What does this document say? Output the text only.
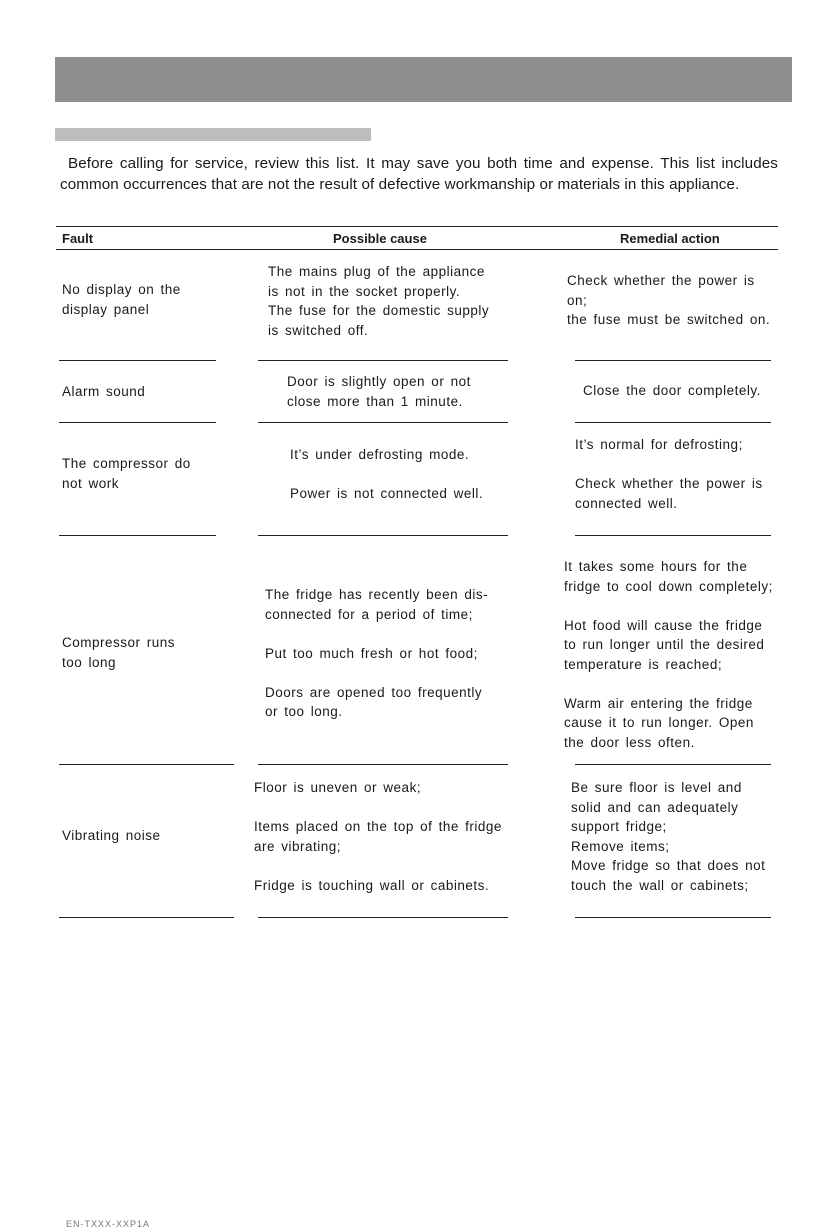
Before calling for service, review this list. It may save you both time and expense. This list includes common occurrences that are not the result of defective workmanship or materials in this appliance.

Fault	Possible cause	Remedial action
No display on the
display panel
The mains plug of the appliance
is not in the socket properly.
The fuse for the domestic supply
is switched off.
Check whether the power is
on;
the fuse must be switched on.
Alarm sound
Door is slightly open or not
close more than 1 minute.
Close the door completely.
The compressor do
not work
It’s under defrosting mode.
Power is not connected well.
It’s normal for defrosting;
Check whether the power is
connected well.
Compressor runs
too long
The fridge has recently been dis-
connected for a period of time;
Put too much fresh or hot food;
Doors are opened too frequently
or too long.
It takes some hours for the
fridge to cool down completely;
Hot food will cause the fridge
to run longer until the desired
temperature is reached;
Warm air entering the fridge
cause it to run longer. Open
the door less often.
Vibrating noise
Floor is uneven or weak;
Items placed on the top of the fridge
are vibrating;
Fridge is touching wall or cabinets.
Be sure floor is level and
solid and can adequately
support fridge;
Remove items;
Move fridge so that does not
touch the wall or cabinets;
EN-TXXX-XXP1A
